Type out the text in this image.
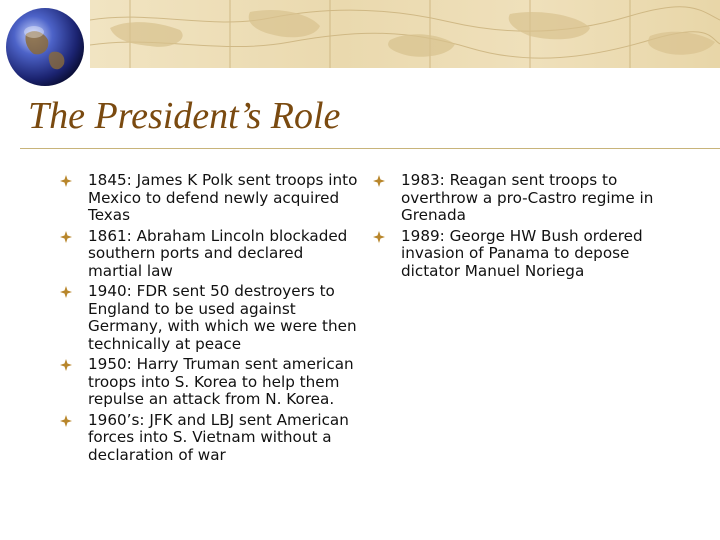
The President’s Role
1845: James K Polk sent troops into Mexico to defend newly acquired Texas
1861: Abraham Lincoln blockaded southern ports and declared martial law
1940: FDR sent 50 destroyers to England to be used against Germany, with which we were then technically at peace
1950: Harry Truman sent american troops into S. Korea to help them repulse an attack from N. Korea.
1960’s: JFK and LBJ sent American forces into S. Vietnam without a declaration of war
1983: Reagan sent troops to overthrow a pro-Castro regime in Grenada
1989: George HW Bush ordered invasion of Panama to depose dictator Manuel Noriega
